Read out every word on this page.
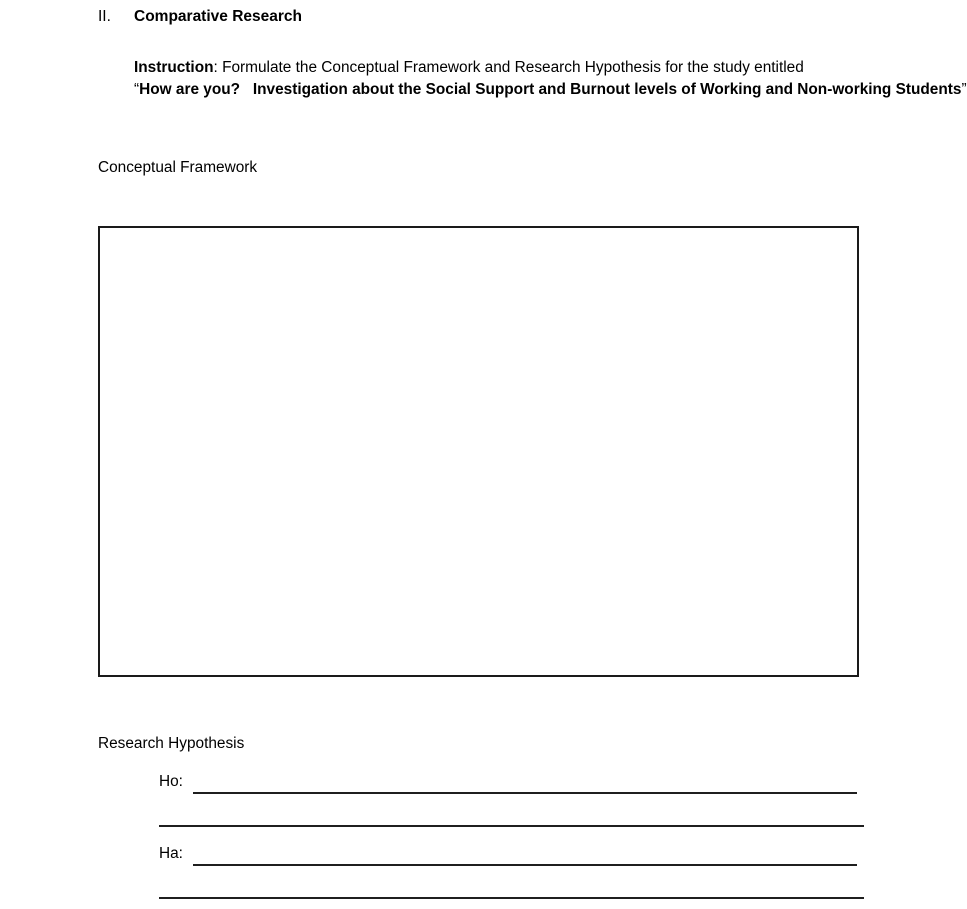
II. Comparative Research

Instruction: Formulate the Conceptual Framework and Research Hypothesis for the study entitled “How are you?   Investigation about the Social Support and Burnout levels of Working and Non-working Students”

Conceptual Framework
Research Hypothesis
Ho:
Ha:
